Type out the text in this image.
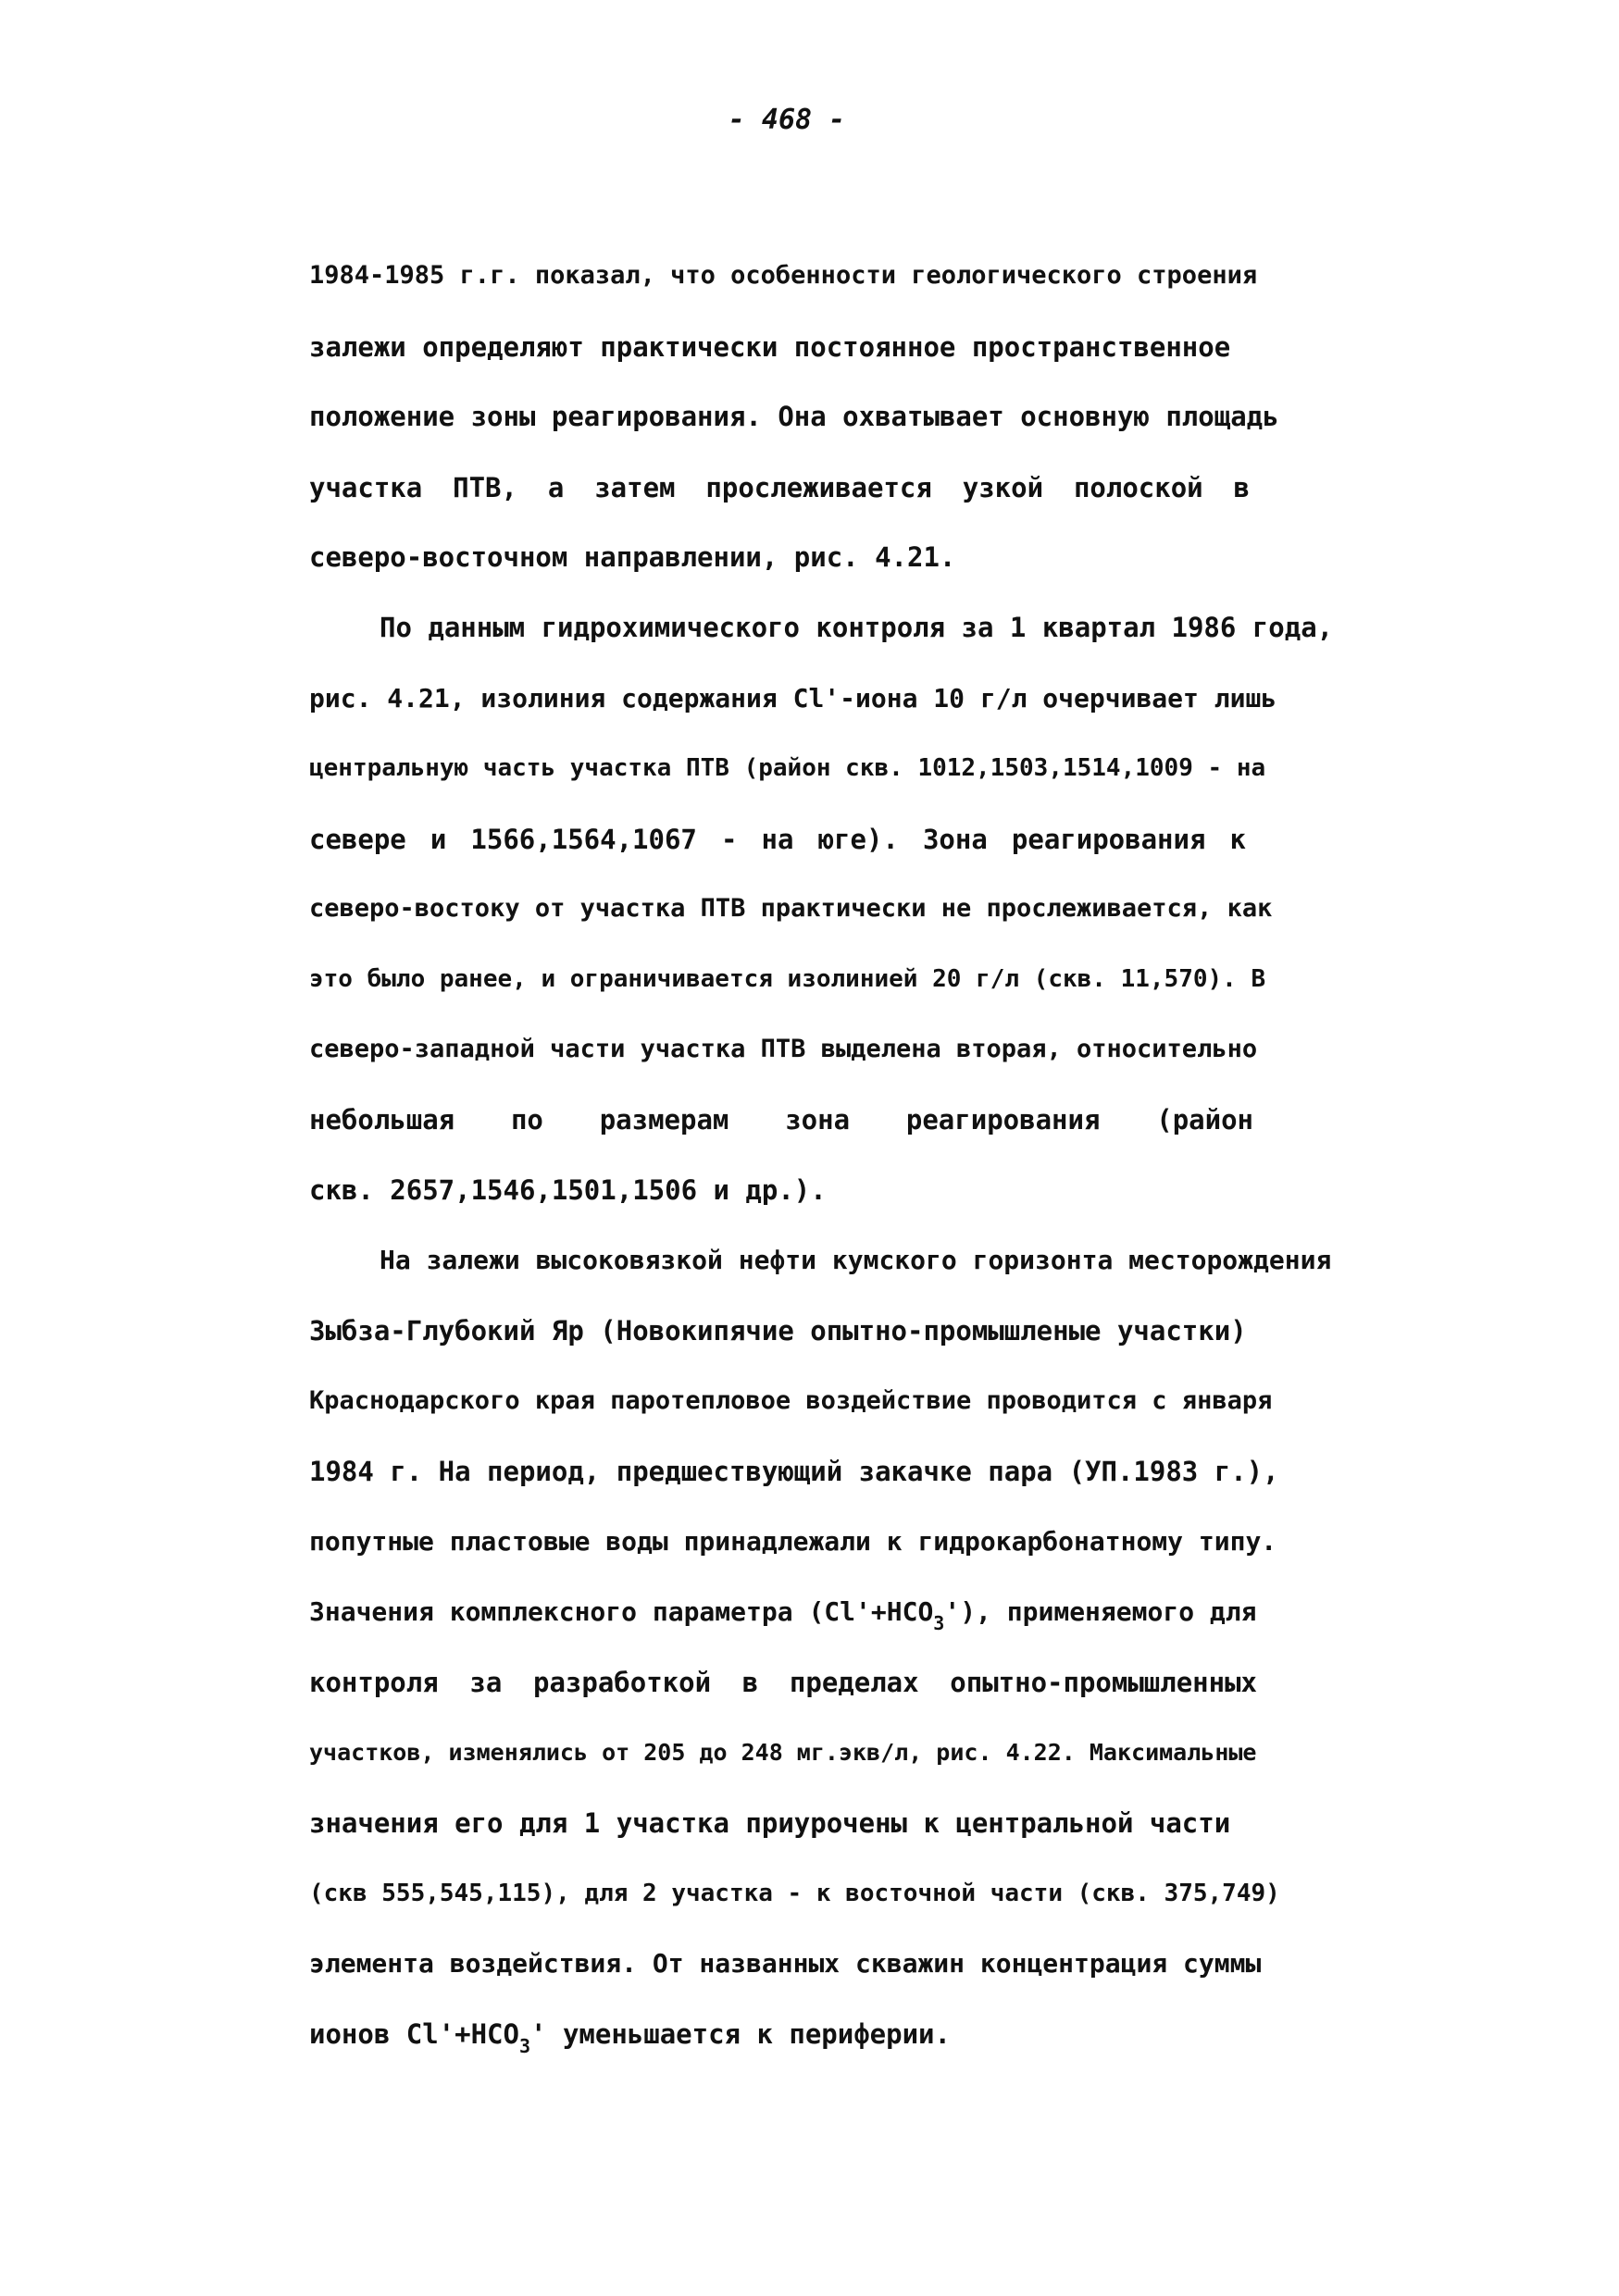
- 468 -
1984-1985 г.г. показал, что особенности геологического строения
залежи определяют практически постоянное пространственное
положение зоны реагирования. Она охватывает основную площадь
участка ПТВ, а затем прослеживается узкой полоской в
северо-восточном направлении, рис. 4.21.
По данным гидрохимического контроля за 1 квартал 1986 года,
рис. 4.21, изолиния содержания Cl'-иона 10 г/л очерчивает лишь
центральную часть участка ПТВ (район скв. 1012,1503,1514,1009 - на
севере и 1566,1564,1067 - на юге). Зона реагирования к
северо-востоку от участка ПТВ практически не прослеживается, как
это было ранее, и ограничивается изолинией 20 г/л (скв. 11,570). В
северо-западной части участка ПТВ выделена вторая, относительно
небольшая по размерам зона реагирования (район
скв. 2657,1546,1501,1506 и др.).
На залежи высоковязкой нефти кумского горизонта месторождения
Зыбза-Глубокий Яр (Новокипячие опытно-промышленые участки)
Краснодарского края паротепловое воздействие проводится с января
1984 г. На период, предшествующий закачке пара (УП.1983 г.),
попутные пластовые воды принадлежали к гидрокарбонатному типу.
Значения комплексного параметра $(Cl'+HCO_3')$, применяемого для
контроля за разработкой в пределах опытно-промышленных
участков, изменялись от 205 до 248 мг.экв/л, рис. 4.22. Максимальные
значения его для 1 участка приурочены к центральной части
(скв 555,545,115), для 2 участка - к восточной части (скв. 375,749)
элемента воздействия. От названных скважин концентрация суммы
ионов $Cl'+HCO_3'$ уменьшается к периферии.
